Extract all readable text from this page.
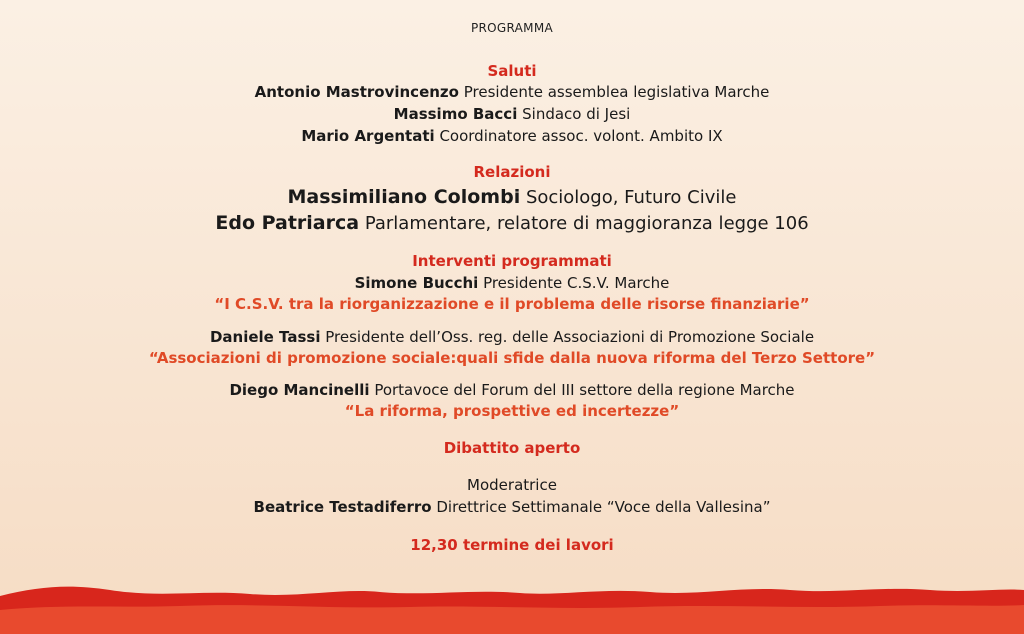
PROGRAMMA
Saluti
Antonio Mastrovincenzo Presidente assemblea legislativa Marche
Massimo Bacci Sindaco di Jesi
Mario Argentati Coordinatore assoc. volont. Ambito IX
Relazioni
Massimiliano Colombi Sociologo, Futuro Civile
Edo Patriarca Parlamentare, relatore di maggioranza legge 106
Interventi programmati
Simone Bucchi Presidente C.S.V. Marche
“I C.S.V. tra la riorganizzazione e il problema delle risorse finanziarie”
Daniele Tassi Presidente dell’Oss. reg. delle Associazioni di Promozione Sociale
“Associazioni di promozione sociale:quali sfide dalla nuova riforma del Terzo Settore”
Diego Mancinelli Portavoce del Forum del III settore della regione Marche
“La riforma, prospettive ed incertezze”
Dibattito aperto
Moderatrice
Beatrice Testadiferro Direttrice Settimanale “Voce della Vallesina”
12,30 termine dei lavori
